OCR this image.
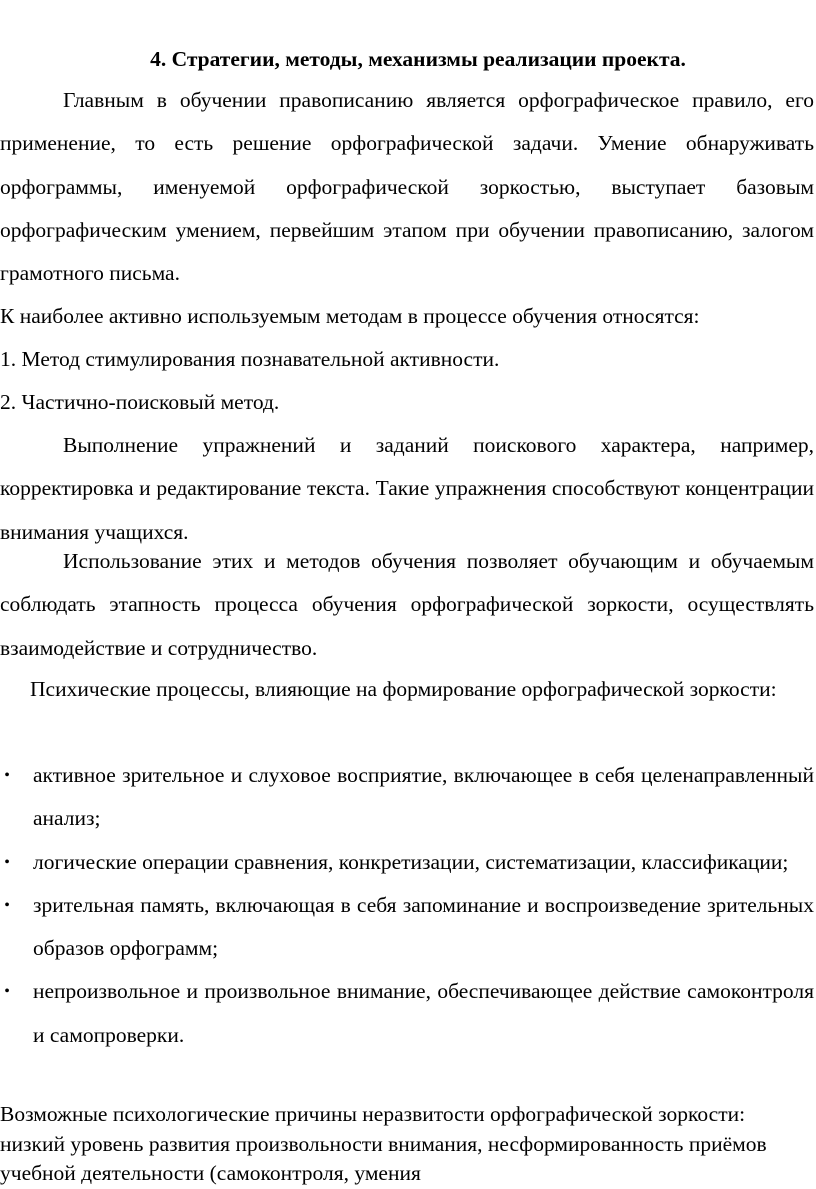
4. Стратегии, методы, механизмы реализации проекта.

Главным в обучении правописанию является орфографическое правило, его применение, то есть решение орфографической задачи. Умение обнаруживать орфограммы, именуемой орфографической зоркостью, выступает базовым орфографическим умением, первейшим этапом при обучении правописанию, залогом грамотного письма.

К наиболее активно используемым методам в процессе обучения относятся:

1. Метод стимулирования познавательной активности.

2. Частично-поисковый метод.

Выполнение упражнений и заданий поискового характера, например, корректировка и редактирование текста. Такие упражнения способствуют концентрации внимания учащихся.

Использование этих и методов обучения позволяет обучающим и обучаемым соблюдать этапность процесса обучения орфографической зоркости, осуществлять взаимодействие и сотрудничество.

Психические процессы, влияющие на формирование орфографической зоркости:

• активное зрительное и слуховое восприятие, включающее в себя целенаправленный анализ;
• логические операции сравнения, конкретизации, систематизации, классификации;
• зрительная память, включающая в себя запоминание и воспроизведение зрительных образов орфограмм;
• непроизвольное и произвольное внимание, обеспечивающее действие самоконтроля и самопроверки.

Возможные психологические причины неразвитости орфографической зоркости: низкий уровень развития произвольности внимания, несформированность приёмов учебной деятельности (самоконтроля, умения
